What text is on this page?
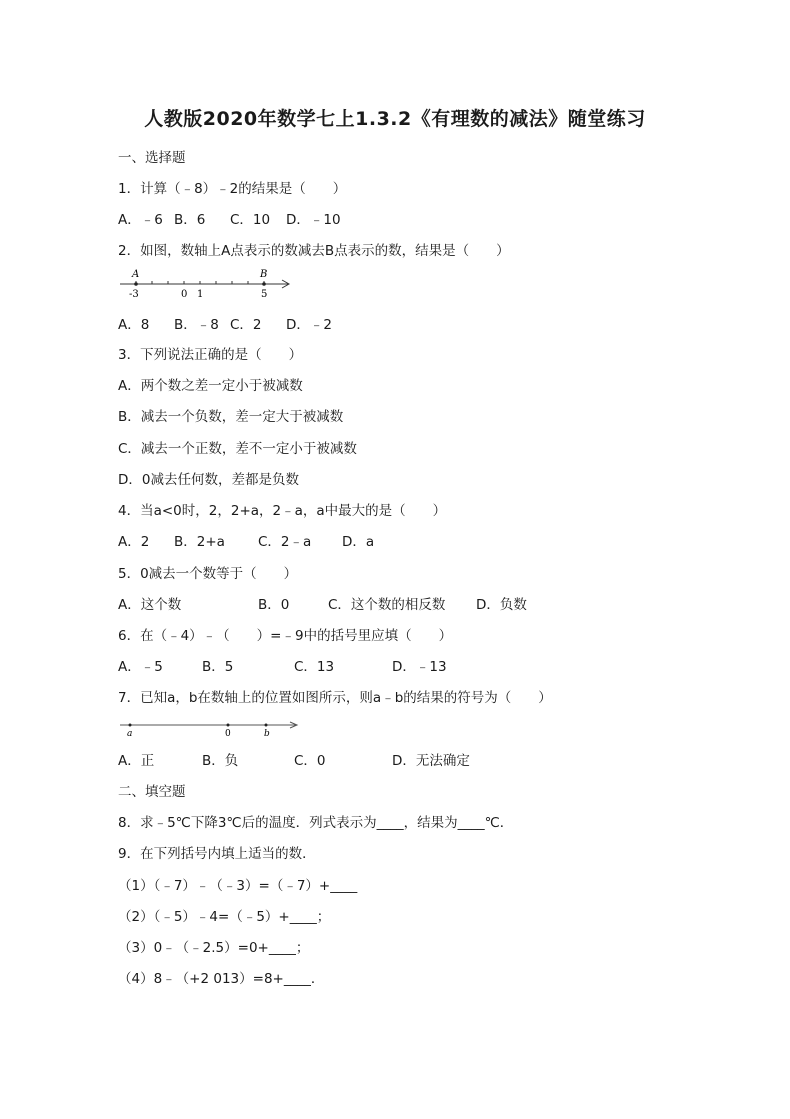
人教版2020年数学七上1.3.2《有理数的减法》随堂练习
一、选择题
1．计算（﹣8）﹣2的结果是（　　）
A．﹣6 B．6 C．10 D．﹣10
2．如图，数轴上A点表示的数减去B点表示的数，结果是（　　）
A	B
-3	0 1	5
A．8 B．﹣8 C．2 D．﹣2
3．下列说法正确的是（　　）
A．两个数之差一定小于被减数
B．减去一个负数，差一定大于被减数
C．减去一个正数，差不一定小于被减数
D．0减去任何数，差都是负数
4．当a<0时，2，2+a，2﹣a，a中最大的是（　　）
A．2 B．2+a C．2﹣a D．a
5．0减去一个数等于（　　）
A．这个数	B．0	C．这个数的相反数 D．负数
6．在（﹣4）﹣（　　）=﹣9中的括号里应填（　　）
A．﹣5	B．5	C．13	D．﹣13
7．已知a，b在数轴上的位置如图所示，则a﹣b的结果的符号为（　　）
a	0	b
A．正	B．负	C．0	D．无法确定
二、填空题
8．求﹣5℃下降3℃后的温度．列式表示为____，结果为____℃．
9．在下列括号内填上适当的数．
（1）（﹣7）﹣（﹣3）=（﹣7）+____
（2）（﹣5）﹣4=（﹣5）+____；
（3）0﹣（﹣2.5）=0+____；
（4）8﹣（+2 013）=8+____．
